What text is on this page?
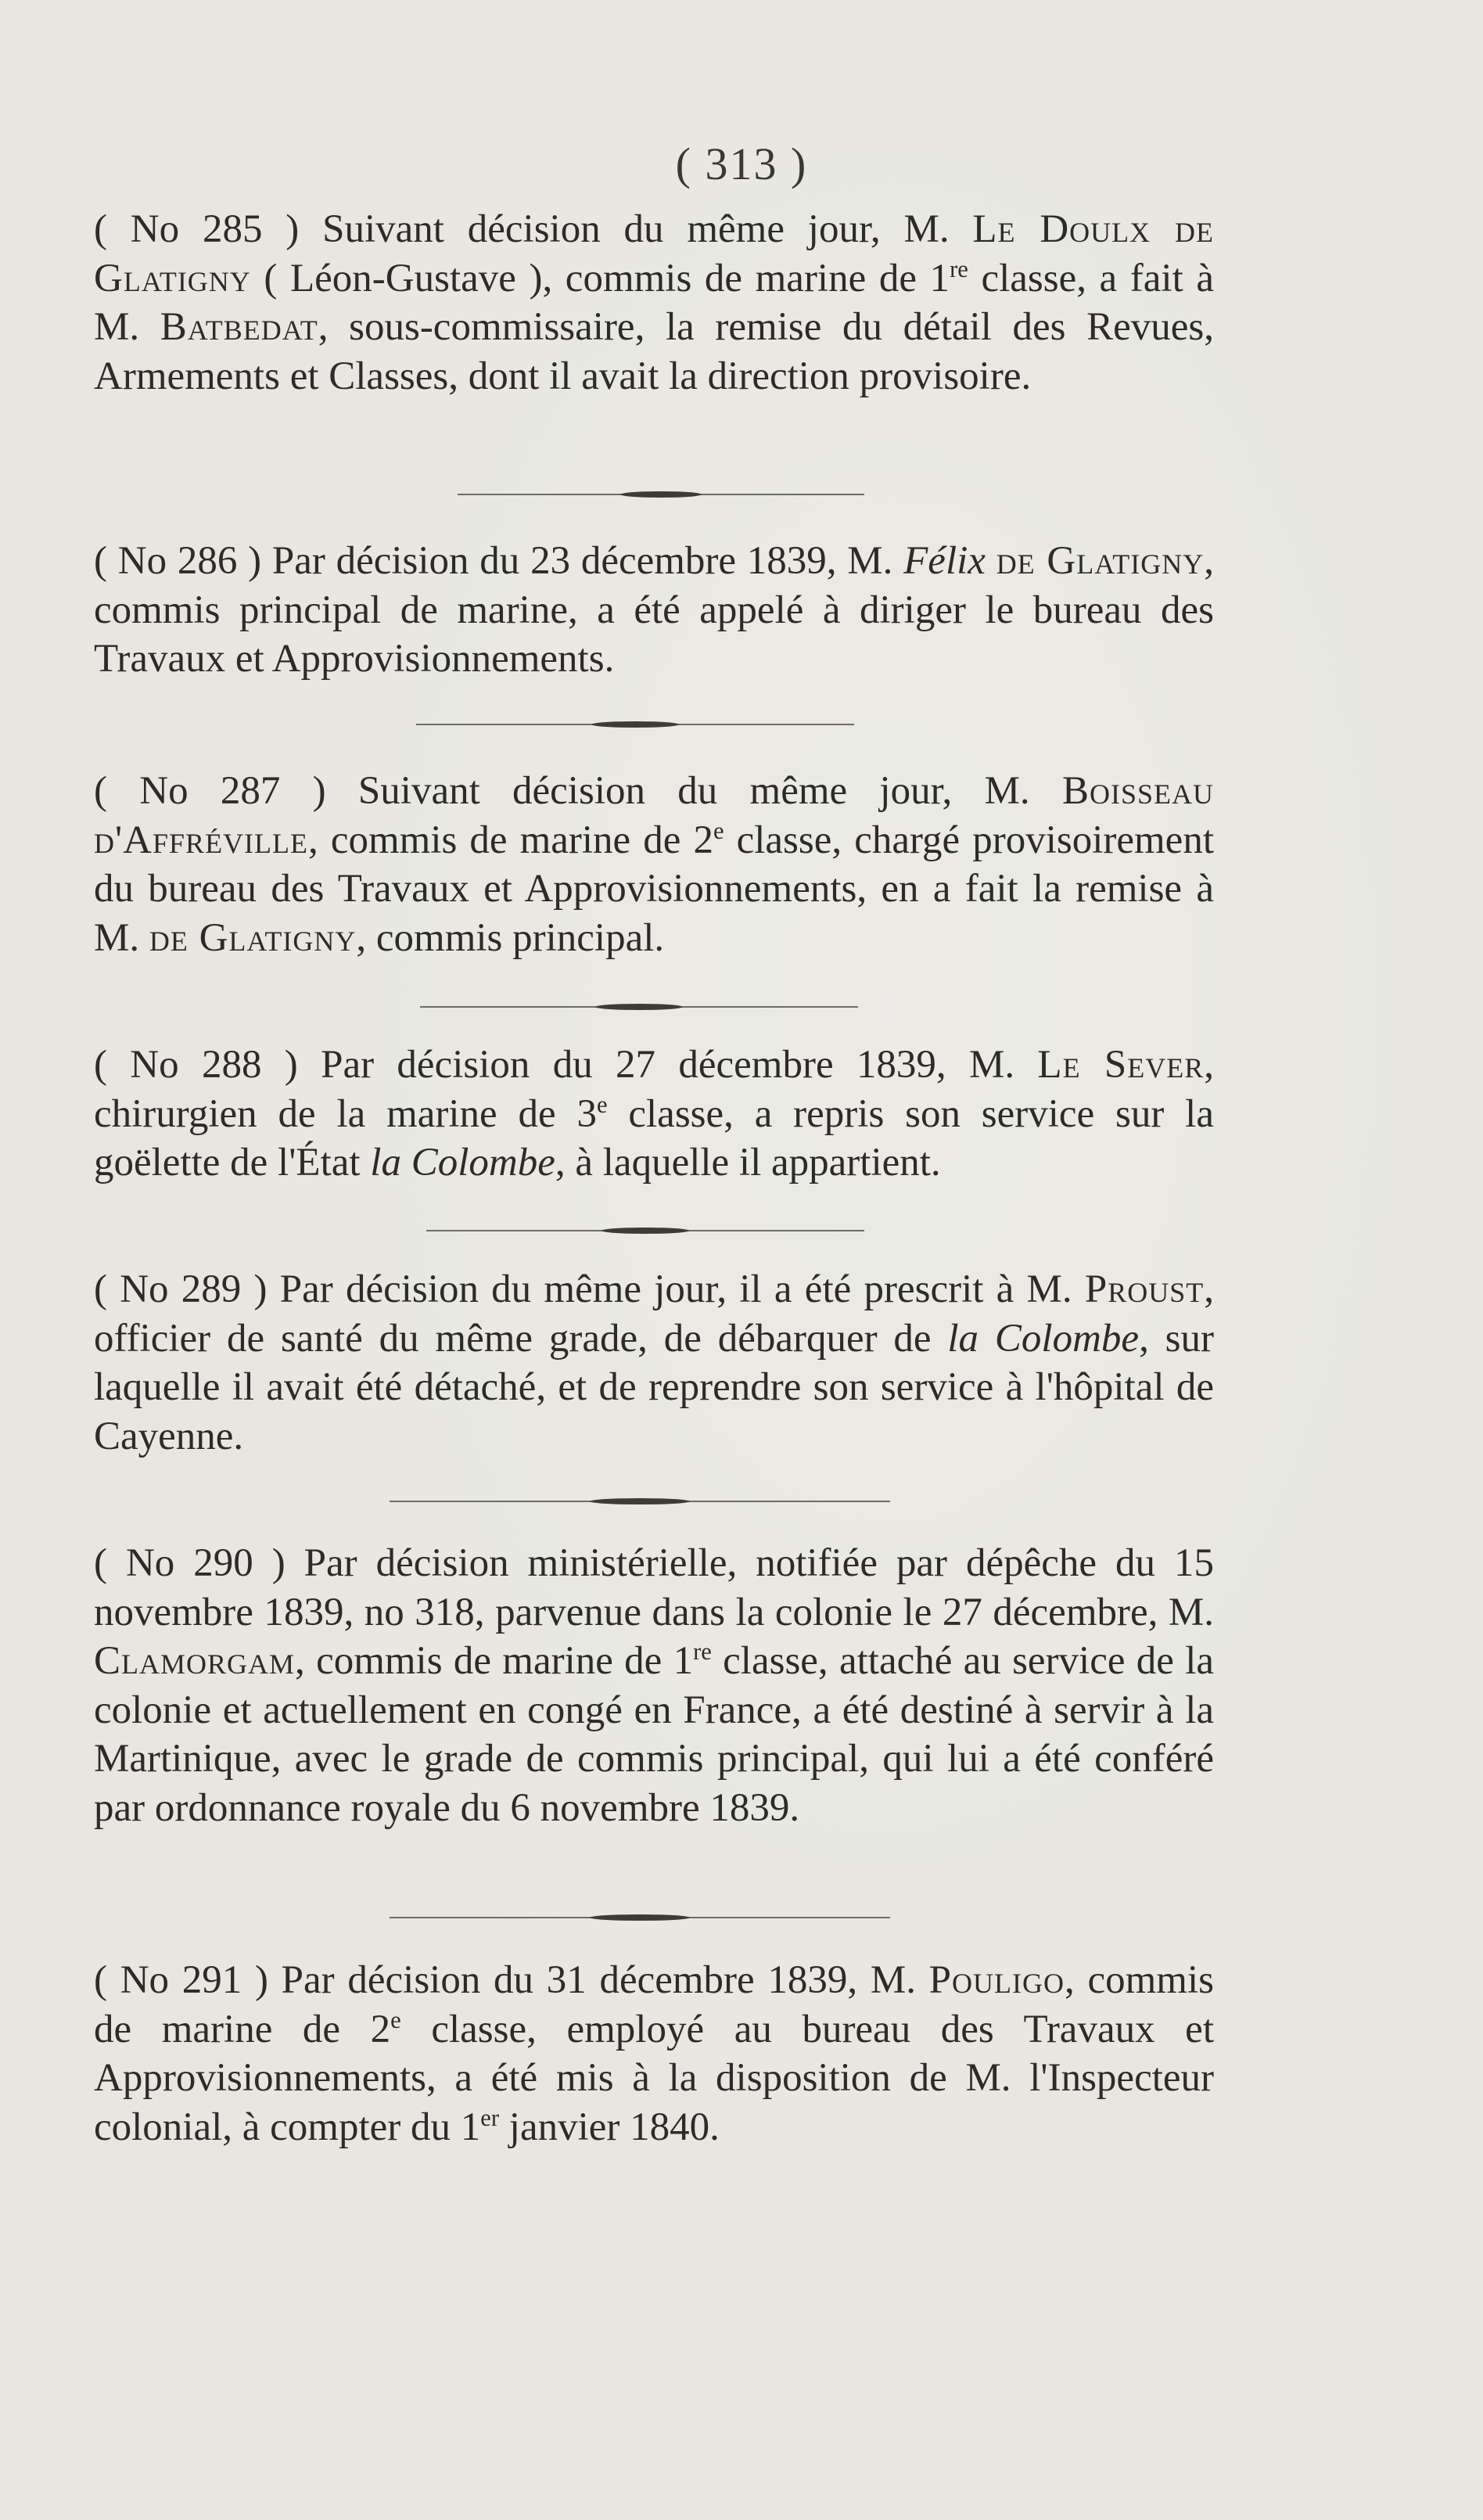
( 313 )

( No 285 ) Suivant décision du même jour, M. Le Doulx de Glatigny ( Léon-Gustave ), commis de marine de 1re classe, a fait à M. Batbedat, sous-commissaire, la remise du détail des Revues, Armements et Classes, dont il avait la direction provisoire.

( No 286 ) Par décision du 23 décembre 1839, M. Félix de Glatigny, commis principal de marine, a été appelé à diriger le bureau des Travaux et Approvisionnements.

( No 287 ) Suivant décision du même jour, M. Boisseau d'Affréville, commis de marine de 2e classe, chargé provisoirement du bureau des Travaux et Approvisionnements, en a fait la remise à M. de Glatigny, commis principal.

( No 288 ) Par décision du 27 décembre 1839, M. Le Sever, chirurgien de la marine de 3e classe, a repris son service sur la goëlette de l'État la Colombe, à laquelle il appartient.

( No 289 ) Par décision du même jour, il a été prescrit à M. Proust, officier de santé du même grade, de débarquer de la Colombe, sur laquelle il avait été détaché, et de reprendre son service à l'hôpital de Cayenne.

( No 290 ) Par décision ministérielle, notifiée par dépêche du 15 novembre 1839, no 318, parvenue dans la colonie le 27 décembre, M. Clamorgam, commis de marine de 1re classe, attaché au service de la colonie et actuellement en congé en France, a été destiné à servir à la Martinique, avec le grade de commis principal, qui lui a été conféré par ordonnance royale du 6 novembre 1839.

( No 291 ) Par décision du 31 décembre 1839, M. Pouligo, commis de marine de 2e classe, employé au bureau des Travaux et Approvisionnements, a été mis à la disposition de M. l'Inspecteur colonial, à compter du 1er janvier 1840.
